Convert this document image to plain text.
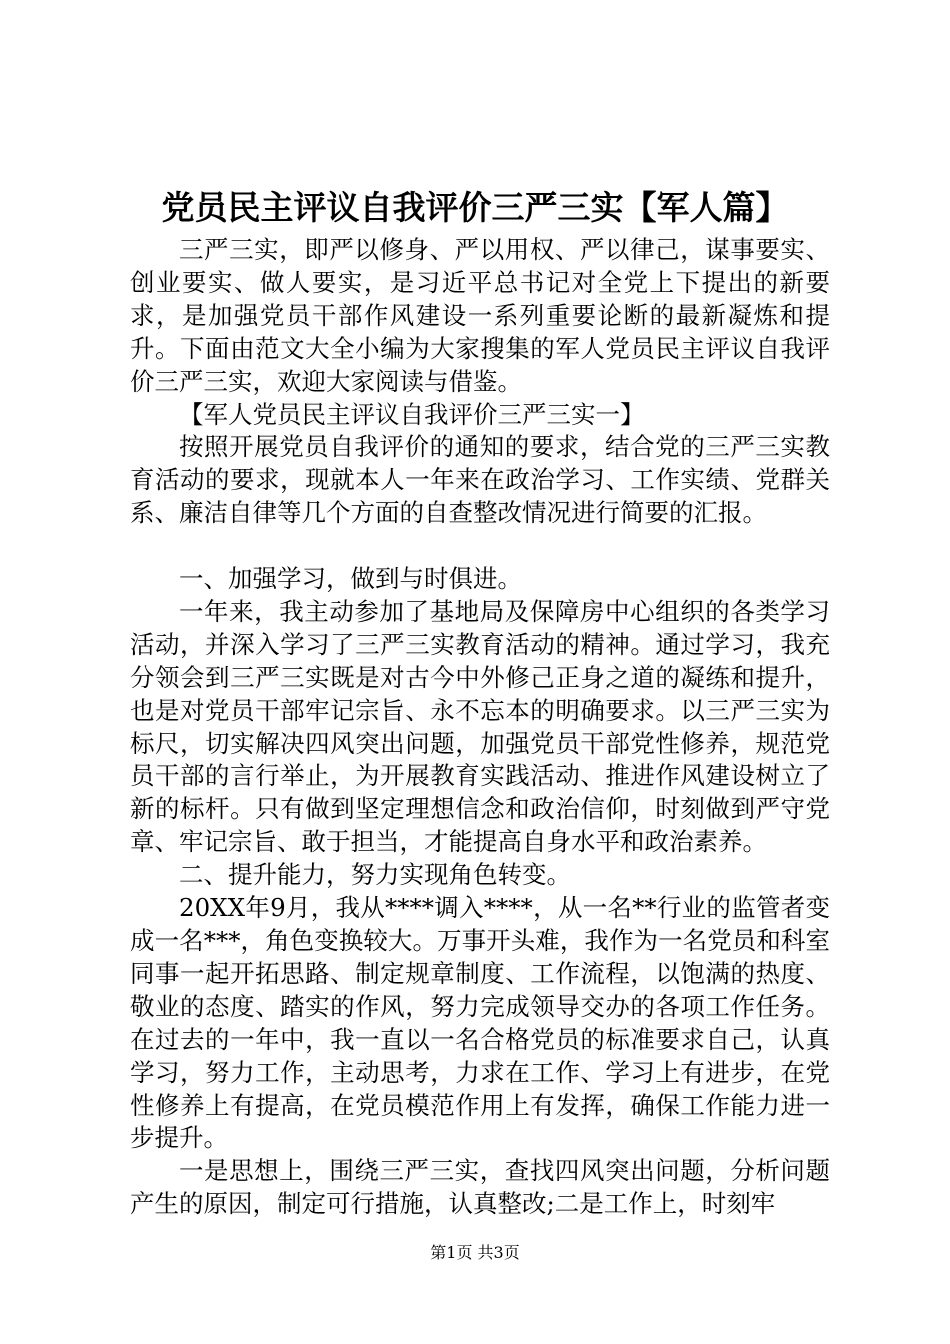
党员民主评议自我评价三严三实【军人篇】

三严三实，即严以修身、严以用权、严以律己，谋事要实、创业要实、做人要实，是习近平总书记对全党上下提出的新要求，是加强党员干部作风建设一系列重要论断的最新凝炼和提升。下面由范文大全小编为大家搜集的军人党员民主评议自我评价三严三实，欢迎大家阅读与借鉴。

【军人党员民主评议自我评价三严三实一】

按照开展党员自我评价的通知的要求，结合党的三严三实教育活动的要求，现就本人一年来在政治学习、工作实绩、党群关系、廉洁自律等几个方面的自查整改情况进行简要的汇报。

一、加强学习，做到与时俱进。

一年来，我主动参加了基地局及保障房中心组织的各类学习活动，并深入学习了三严三实教育活动的精神。通过学习，我充分领会到三严三实既是对古今中外修己正身之道的凝练和提升，也是对党员干部牢记宗旨、永不忘本的明确要求。以三严三实为标尺，切实解决四风突出问题，加强党员干部党性修养，规范党员干部的言行举止，为开展教育实践活动、推进作风建设树立了新的标杆。只有做到坚定理想信念和政治信仰，时刻做到严守党章、牢记宗旨、敢于担当，才能提高自身水平和政治素养。

二、提升能力，努力实现角色转变。

20XX年9月，我从****调入****，从一名**行业的监管者变成一名***，角色变换较大。万事开头难，我作为一名党员和科室同事一起开拓思路、制定规章制度、工作流程，以饱满的热度、敬业的态度、踏实的作风，努力完成领导交办的各项工作任务。在过去的一年中，我一直以一名合格党员的标准要求自己，认真学习，努力工作，主动思考，力求在工作、学习上有进步，在党性修养上有提高，在党员模范作用上有发挥，确保工作能力进一步提升。

一是思想上，围绕三严三实，查找四风突出问题，分析问题产生的原因，制定可行措施，认真整改;二是工作上，时刻牢

第1页 共3页
